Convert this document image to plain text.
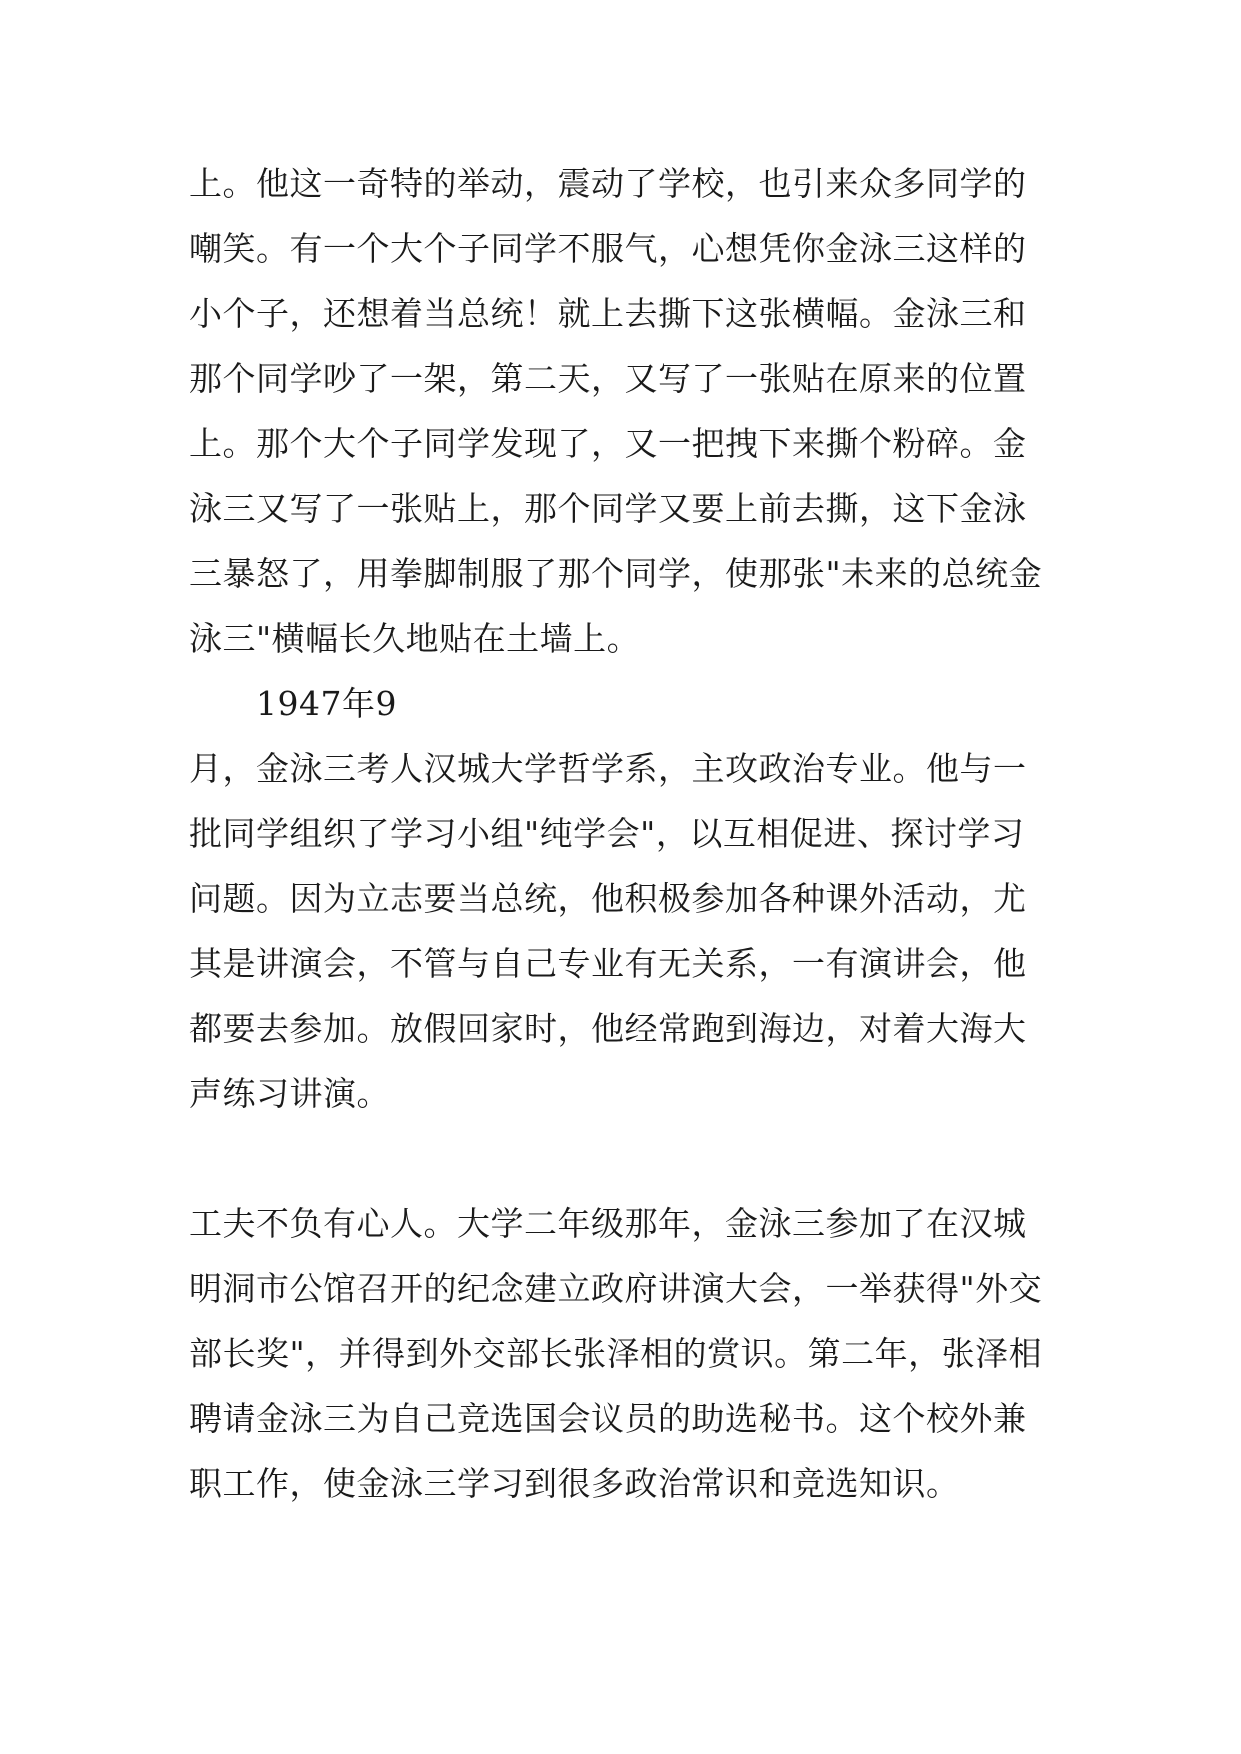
上。他这一奇特的举动，震动了学校，也引来众多同学的
嘲笑。有一个大个子同学不服气，心想凭你金泳三这样的
小个子，还想着当总统！就上去撕下这张横幅。金泳三和
那个同学吵了一架，第二天，又写了一张贴在原来的位置
上。那个大个子同学发现了，又一把拽下来撕个粉碎。金
泳三又写了一张贴上，那个同学又要上前去撕，这下金泳
三暴怒了，用拳脚制服了那个同学，使那张"未来的总统金
泳三"横幅长久地贴在土墙上。
1947年9
月，金泳三考人汉城大学哲学系，主攻政治专业。他与一
批同学组织了学习小组"纯学会"，以互相促进、探讨学习
问题。因为立志要当总统，他积极参加各种课外活动，尤
其是讲演会，不管与自己专业有无关系，一有演讲会，他
都要去参加。放假回家时，他经常跑到海边，对着大海大
声练习讲演。
工夫不负有心人。大学二年级那年，金泳三参加了在汉城
明洞市公馆召开的纪念建立政府讲演大会，一举获得"外交
部长奖"，并得到外交部长张泽相的赏识。第二年，张泽相
聘请金泳三为自己竞选国会议员的助选秘书。这个校外兼
职工作，使金泳三学习到很多政治常识和竞选知识。
